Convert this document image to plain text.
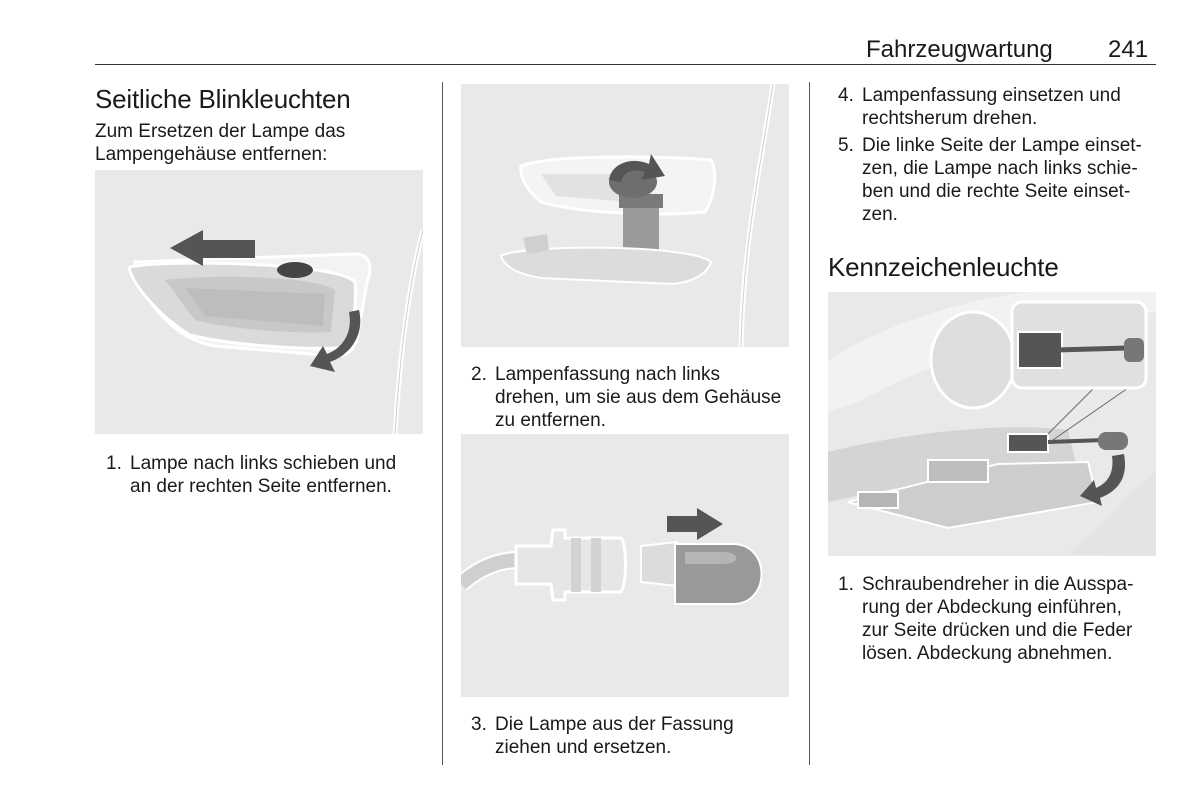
Fahrzeugwartung 241
Seitliche Blinkleuchten
Zum Ersetzen der Lampe das
Lampengehäuse entfernen:
1. Lampe nach links schieben und
an der rechten Seite entfernen.
2. Lampenfassung nach links
drehen, um sie aus dem Gehäuse
zu entfernen.
3. Die Lampe aus der Fassung
ziehen und ersetzen.
4. Lampenfassung einsetzen und
rechtsherum drehen.
5. Die linke Seite der Lampe einset-
zen, die Lampe nach links schie-
ben und die rechte Seite einset-
zen.
Kennzeichenleuchte
1. Schraubendreher in die Ausspa-
rung der Abdeckung einführen,
zur Seite drücken und die Feder
lösen. Abdeckung abnehmen.
